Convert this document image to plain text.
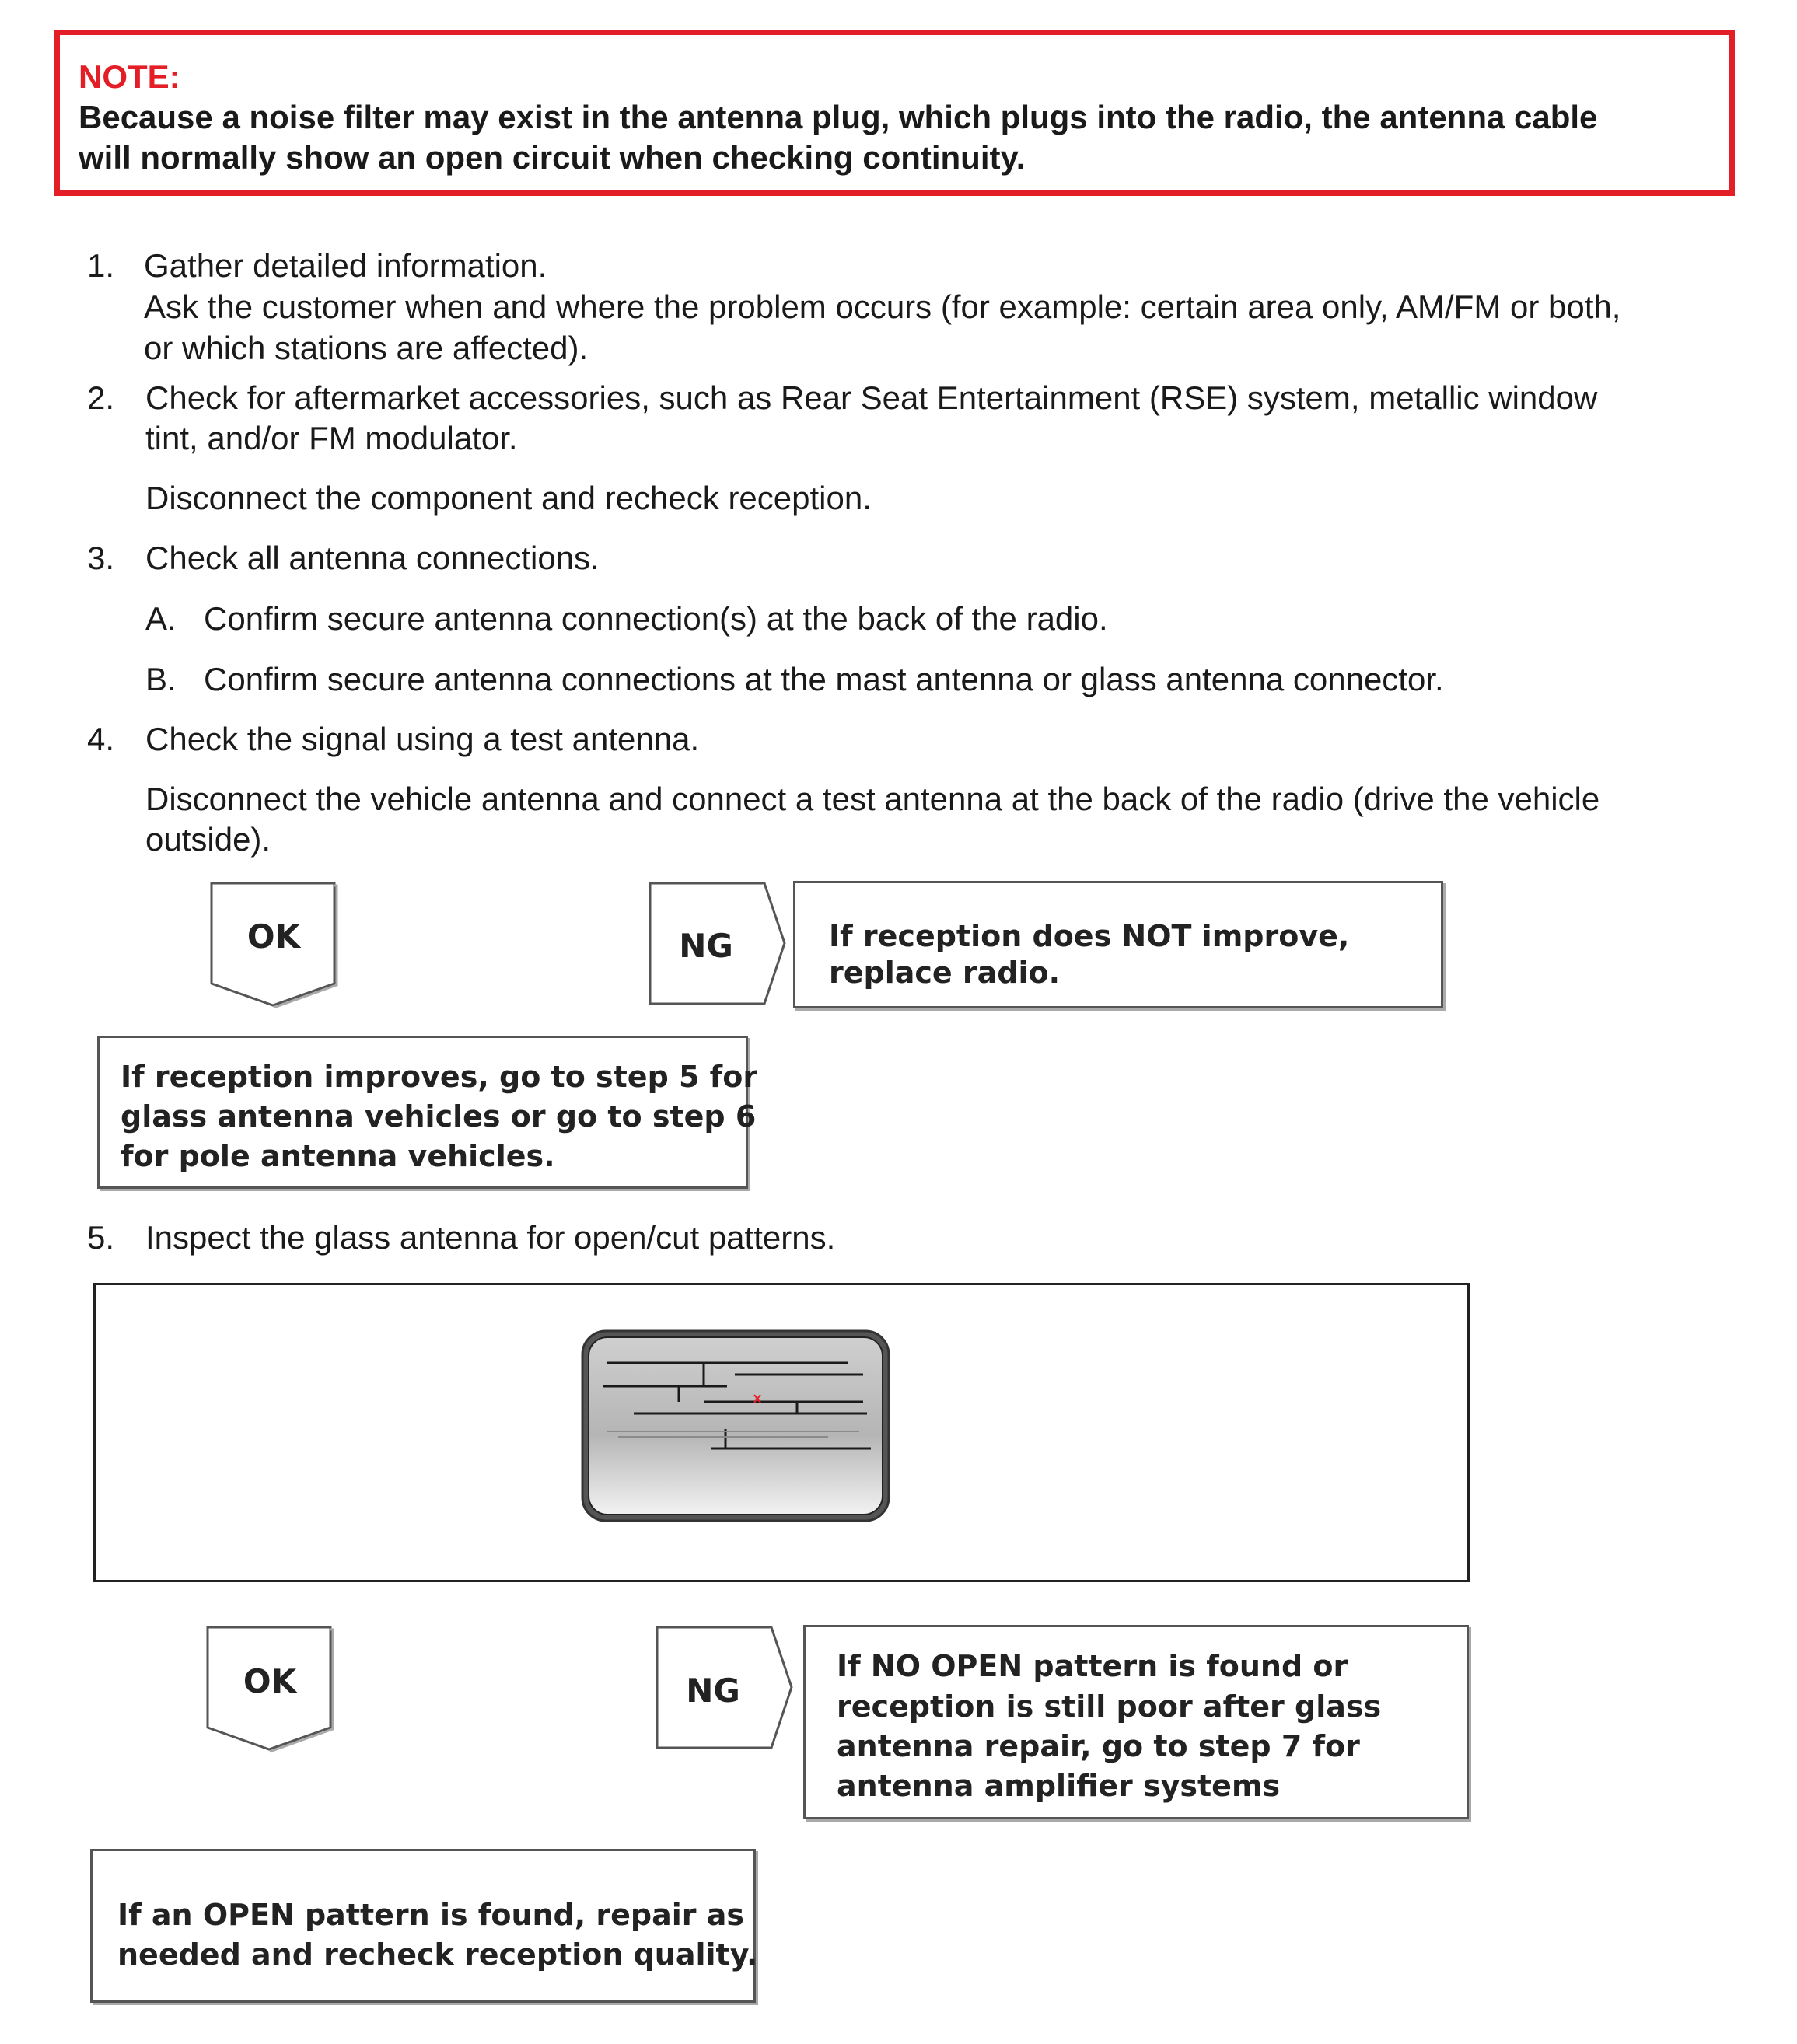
NOTE:
Because a noise filter may exist in the antenna plug, which plugs into the radio, the antenna cable
will normally show an open circuit when checking continuity.
1. Gather detailed information.
Ask the customer when and where the problem occurs (for example: certain area only, AM/FM or both,
or which stations are affected).
2. Check for aftermarket accessories, such as Rear Seat Entertainment (RSE) system, metallic window
tint, and/or FM modulator.
Disconnect the component and recheck reception.
3. Check all antenna connections.
A. Confirm secure antenna connection(s) at the back of the radio.
B. Confirm secure antenna connections at the mast antenna or glass antenna connector.
4. Check the signal using a test antenna.
Disconnect the vehicle antenna and connect a test antenna at the back of the radio (drive the vehicle
outside).
OK	NG	If reception does NOT improve,
replace radio.
If reception improves, go to step 5 for
glass antenna vehicles or go to step 6
for pole antenna vehicles.
5. Inspect the glass antenna for open/cut patterns.
OK	NG
If NO OPEN pattern is found or
reception is still poor after glass
antenna repair, go to step 7 for
antenna amplifier systems
If an OPEN pattern is found, repair as
needed and recheck reception quality.
